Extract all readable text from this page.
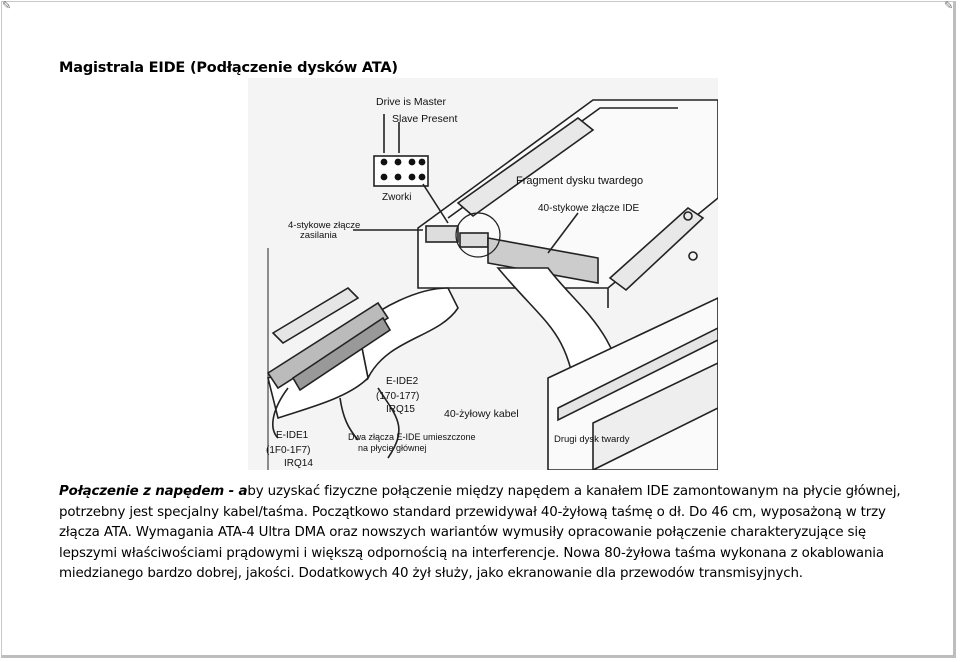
✎	✎
Magistrala EIDE (Podłączenie dysków ATA)
Drive is Master
Slave Present
Zworki
Fragment dysku twardego
40-stykowe złącze IDE
4-stykowe złącze
zasilania
E-IDE2
(170-177)
IRQ15	40-żyłowy kabel
E-IDE1
(1F0-1F7)
IRQ14
Dwa złącza E-IDE umieszczone
na płycie głównej
Drugi dysk twardy
Połączenie z napędem - aby uzyskać fizyczne połączenie między napędem a kanałem IDE zamontowanym na płycie głównej, potrzebny jest specjalny kabel/taśma. Początkowo standard przewidywał 40-żyłową taśmę o dł. Do 46 cm, wyposażoną w trzy złącza ATA. Wymagania ATA-4 Ultra DMA oraz nowszych wariantów wymusiły opracowanie połączenie charakteryzujące się lepszymi właściwościami prądowymi i większą odpornością na interferencje. Nowa 80-żyłowa taśma wykonana z okablowania miedzianego bardzo dobrej, jakości. Dodatkowych 40 żył służy, jako ekranowanie dla przewodów transmisyjnych.
